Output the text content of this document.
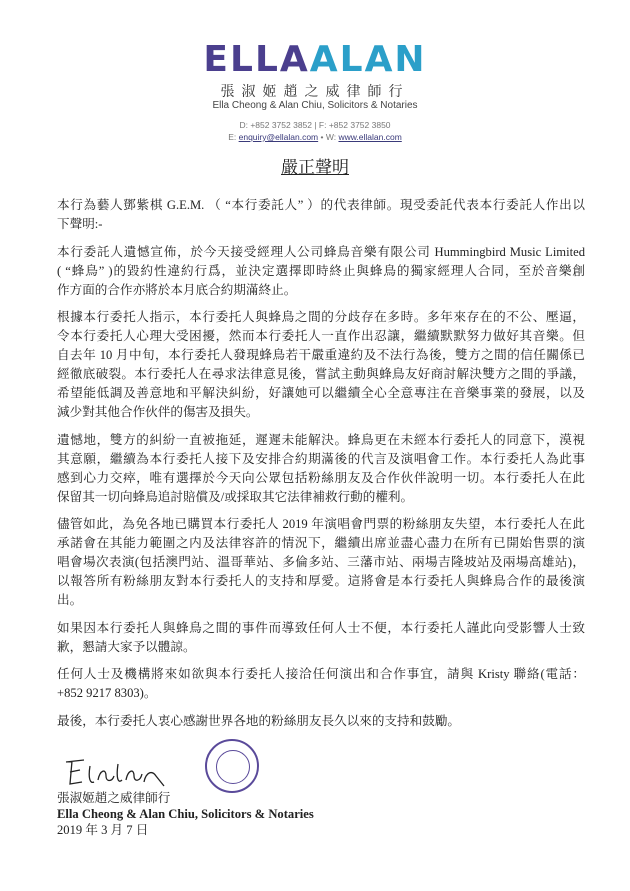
ELLAALAN
張淑姬趙之威律師行
Ella Cheong & Alan Chiu, Solicitors & Notaries
D: +852 3752 3852 | F: +852 3752 3850
E: enquiry@ellalan.com • W: www.ellalan.com
嚴正聲明
本行為藝人鄧紫棋 G.E.M. （ “本行委託人” ）的代表律師。現受委託代表本行委託人作出以
下聲明:-
本行委託人遺憾宣佈，於今天接受經理人公司蜂鳥音樂有限公司 Hummingbird Music Limited
( “蜂鳥” )的毀約性違約行爲，並決定選擇即時終止與蜂鳥的獨家經理人合同，至於音樂創
作方面的合作亦將於本月底合約期滿終止。
根據本行委托人指示，本行委托人與蜂鳥之間的分歧存在多時。多年來存在的不公、壓逼，
令本行委托人心理大受困擾，然而本行委托人一直作出忍讓，繼續默默努力做好其音樂。但
自去年 10 月中旬，本行委托人發現蜂鳥若干嚴重違約及不法行為後，雙方之間的信任關係已
經徹底破裂。本行委托人在尋求法律意見後，嘗試主動與蜂鳥友好商討解決雙方之間的爭議，
希望能低調及善意地和平解決糾紛，好讓她可以繼續全心全意專注在音樂事業的發展，以及
減少對其他合作伙伴的傷害及損失。
遺憾地，雙方的糾紛一直被拖延，遲遲未能解決。蜂鳥更在未經本行委托人的同意下，漠視
其意願，繼續為本行委托人接下及安排合約期滿後的代言及演唱會工作。本行委托人為此事
感到心力交瘁，唯有選擇於今天向公眾包括粉絲朋友及合作伙伴說明一切。本行委托人在此
保留其一切向蜂鳥追討賠償及/或採取其它法律補救行動的權利。
儘管如此，為免各地已購買本行委托人 2019 年演唱會門票的粉絲朋友失望，本行委托人在此
承諾會在其能力範圍之内及法律容許的情況下，繼續出席並盡心盡力在所有已開始售票的演
唱會場次表演(包括澳門站、溫哥華站、多倫多站、三藩市站、兩場吉隆坡站及兩場高雄站)，
以報答所有粉絲朋友對本行委托人的支持和厚愛。這將會是本行委托人與蜂鳥合作的最後演
出。
如果因本行委托人與蜂鳥之間的事件而導致任何人士不便，本行委托人謹此向受影響人士致
歉，懇請大家予以體諒。
任何人士及機構將來如欲與本行委托人接洽任何演出和合作事宜，請與 Kristy 聯絡(電話：
+852 9217 8303)。
最後，本行委托人衷心感謝世界各地的粉絲朋友長久以來的支持和鼓勵。
張淑姬趙之威律師行
Ella Cheong & Alan Chiu, Solicitors & Notaries
2019 年 3 月 7 日
